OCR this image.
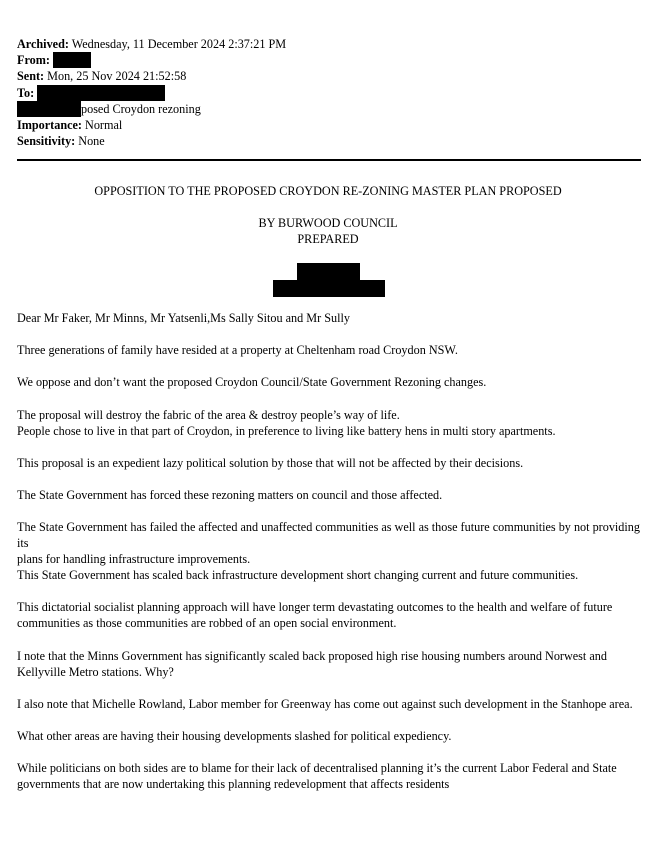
Archived: Wednesday, 11 December 2024 2:37:21 PM
From:
Sent: Mon, 25 Nov 2024 21:52:58
To:
posed Croydon rezoning
Importance: Normal
Sensitivity: None
OPPOSITION TO THE PROPOSED CROYDON RE-ZONING MASTER PLAN PROPOSED
BY BURWOOD COUNCIL
PREPARED
Dear Mr Faker, Mr Minns, Mr Yatsenli,Ms Sally Sitou and Mr Sully
Three generations of family have resided at a property at Cheltenham road Croydon NSW.
We oppose and don’t want the proposed Croydon Council/State Government Rezoning changes.
The proposal will destroy the fabric of the area & destroy people’s way of life.
People chose to live in that part of Croydon, in preference to living like battery hens in multi story apartments.
This proposal is an expedient lazy political solution by those that will not be affected by their decisions.
The State Government has forced these rezoning matters on council and those affected.
The State Government has failed the affected and unaffected communities as well as those future communities by not providing its
plans for handling infrastructure improvements.
This State Government has scaled back infrastructure development short changing current and future communities.
This dictatorial socialist planning approach will have longer term devastating outcomes to the health and welfare of future
communities as those communities are robbed of an open social environment.
I note that the Minns Government has significantly scaled back proposed high rise housing numbers around Norwest and
Kellyville Metro stations. Why?
I also note that Michelle Rowland, Labor member for Greenway has come out against such development in the Stanhope area.
What other areas are having their housing developments slashed for political expediency.
While politicians on both sides are to blame for their lack of decentralised planning it’s the current Labor Federal and State
governments that are now undertaking this planning redevelopment that affects residents
